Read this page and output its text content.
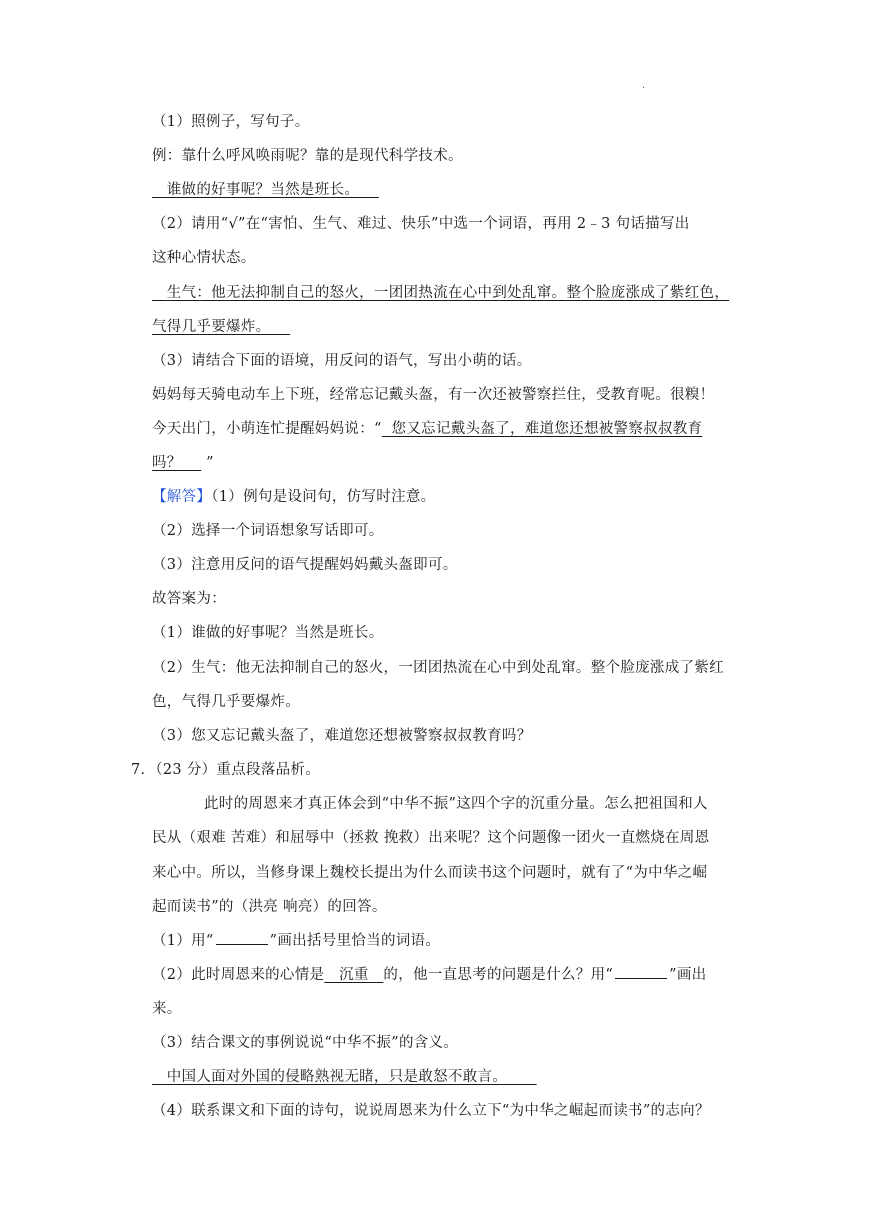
.
（1）照例子，写句子。
例：靠什么呼风唤雨呢？靠的是现代科学技术。
谁做的好事呢？当然是班长。
（2）请用“√”在“害怕、生气、难过、快乐”中选一个词语，再用 2﹣3 句话描写出
这种心情状态。
生气：他无法抑制自己的怒火，一团团热流在心中到处乱窜。整个脸庞涨成了紫红色，
气得几乎要爆炸。
（3）请结合下面的语境，用反问的语气，写出小萌的话。
妈妈每天骑电动车上下班，经常忘记戴头盔，有一次还被警察拦住，受教育呢。很糗！
今天出门，小萌连忙提醒妈妈说：“ 您又忘记戴头盔了，难道您还想被警察叔叔教育
吗？ ”
【解答】（1）例句是设问句，仿写时注意。
（2）选择一个词语想象写话即可。
（3）注意用反问的语气提醒妈妈戴头盔即可。
故答案为：
（1）谁做的好事呢？当然是班长。
（2）生气：他无法抑制自己的怒火，一团团热流在心中到处乱窜。整个脸庞涨成了紫红
色，气得几乎要爆炸。
（3）您又忘记戴头盔了，难道您还想被警察叔叔教育吗？
7．（23 分）重点段落品析。
此时的周恩来才真正体会到“中华不振”这四个字的沉重分量。怎么把祖国和人
民从（艰难 苦难）和屈辱中（拯救 挽救）出来呢？这个问题像一团火一直燃烧在周恩
来心中。所以，当修身课上魏校长提出为什么而读书这个问题时，就有了“为中华之崛
起而读书”的（洪亮 响亮）的回答。
（1）用“	”画出括号里恰当的词语。
（2）此时周恩来的心情是 沉重 的，他一直思考的问题是什么？用“	”画出
来。
（3）结合课文的事例说说“中华不振”的含义。
中国人面对外国的侵略熟视无睹，只是敢怒不敢言。
（4）联系课文和下面的诗句，说说周恩来为什么立下“为中华之崛起而读书”的志向？
